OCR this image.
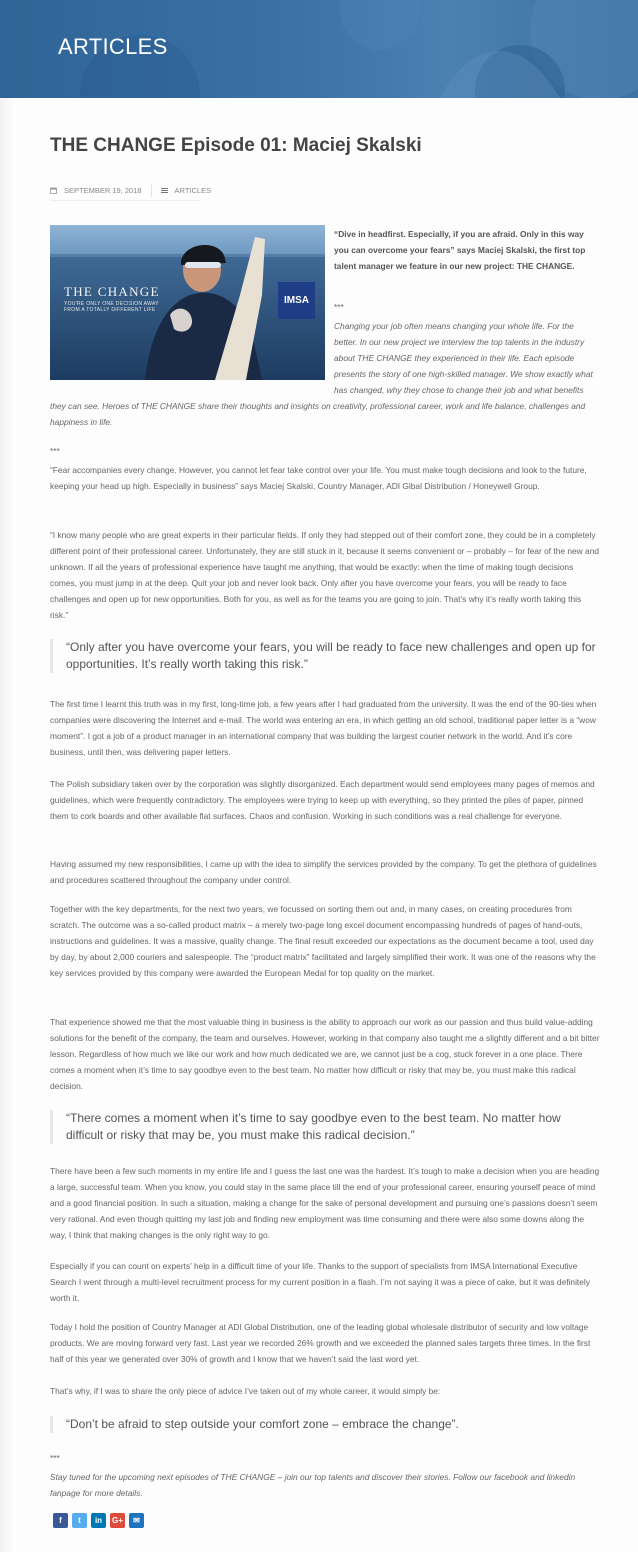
ARTICLES
THE CHANGE Episode 01: Maciej Skalski
SEPTEMBER 19, 2018	ARTICLES
THE CHANGE
YOU'RE ONLY ONE DECISION AWAY FROM A TOTALLY DIFFERENT LIFE
IMSA
“Dive in headfirst. Especially, if you are afraid. Only in this way you can overcome your fears” says Maciej Skalski, the first top talent manager we feature in our new project: THE CHANGE.
***
Changing your job often means changing your whole life. For the
better. In our new project we interview the top talents in the industry
about THE CHANGE they experienced in their life. Each episode
presents the story of one high-skilled manager. We show exactly what
has changed, why they chose to change their job and what benefits
they can see. Heroes of THE CHANGE share their thoughts and insights on creativity, professional career, work and life balance, challenges and
happiness in life.
***

“Fear accompanies every change. However, you cannot let fear take control over your life. You must make tough decisions and look to the future, keeping your head up high. Especially in business” says Maciej Skalski, Country Manager, ADI Glbal Distribution / Honeywell Group.

“I know many people who are great experts in their particular fields. If only they had stepped out of their comfort zone, they could be in a completely different point of their professional career. Unfortunately, they are still stuck in it, because it seems convenient or – probably – for fear of the new and unknown. If all the years of professional experience have taught me anything, that would be exactly: when the time of making tough decisions comes, you must jump in at the deep. Quit your job and never look back. Only after you have overcome your fears, you will be ready to face challenges and open up for new opportunities. Both for you, as well as for the teams you are going to join. That’s why it’s really worth taking this risk.”

“Only after you have overcome your fears, you will be ready to face new challenges and open up for opportunities. It’s really worth taking this risk.”

The first time I learnt this truth was in my first, long-time job, a few years after I had graduated from the university. It was the end of the 90-ties when companies were discovering the Internet and e-mail. The world was entering an era, in which getting an old school, traditional paper letter is a “wow moment”. I got a job of a product manager in an international company that was building the largest courier network in the world. And it’s core business, until then, was delivering paper letters.

The Polish subsidiary taken over by the corporation was slightly disorganized. Each department would send employees many pages of memos and guidelines, which were frequently contradictory. The employees were trying to keep up with everything, so they printed the piles of paper, pinned them to cork boards and other available flat surfaces. Chaos and confusion. Working in such conditions was a real challenge for everyone.

Having assumed my new responsibilities, I came up with the idea to simplify the services provided by the company. To get the plethora of guidelines and procedures scattered throughout the company under control.

Together with the key departments, for the next two years, we focussed on sorting them out and, in many cases, on creating procedures from scratch. The outcome was a so-called product matrix – a merely two-page long excel document encompassing hundreds of pages of hand-outs, instructions and guidelines. It was a massive, quality change. The final result exceeded our expectations as the document became a tool, used day by day, by about 2,000 couriers and salespeople. The “product matrix” facilitated and largely simplified their work. It was one of the reasons why the key services provided by this company were awarded the European Medal for top quality on the market.

That experience showed me that the most valuable thing in business is the ability to approach our work as our passion and thus build value-adding solutions for the benefit of the company, the team and ourselves. However, working in that company also taught me a slightly different and a bit bitter lesson. Regardless of how much we like our work and how much dedicated we are, we cannot just be a cog, stuck forever in a one place. There comes a moment when it’s time to say goodbye even to the best team. No matter how difficult or risky that may be, you must make this radical decision.

“There comes a moment when it’s time to say goodbye even to the best team. No matter how difficult or risky that may be, you must make this radical decision.”

There have been a few such moments in my entire life and I guess the last one was the hardest. It’s tough to make a decision when you are heading a large, successful team. When you know, you could stay in the same place till the end of your professional career, ensuring yourself peace of mind and a good financial position. In such a situation, making a change for the sake of personal development and pursuing one’s passions doesn’t seem very rational. And even though quitting my last job and finding new employment was time consuming and there were also some downs along the way, I think that making changes is the only right way to go.

Especially if you can count on experts’ help in a difficult time of your life. Thanks to the support of specialists from IMSA International Executive Search I went through a multi-level recruitment process for my current position in a flash. I’m not saying it was a piece of cake, but it was definitely worth it.

Today I hold the position of Country Manager at ADI Global Distribution, one of the leading global wholesale distributor of security and low voltage products. We are moving forward very fast. Last year we recorded 26% growth and we exceeded the planned sales targets three times. In the first half of this year we generated over 30% of growth and I know that we haven’t said the last word yet.

That’s why, if I was to share the only piece of advice I’ve taken out of my whole career, it would simply be:

“Don’t be afraid to step outside your comfort zone – embrace the change”.
***

Stay tuned for the upcoming next episodes of THE CHANGE – join our top talents and discover their stories. Follow our facebook and linkedin fanpage for more details.

f	t	in	G+	✉
